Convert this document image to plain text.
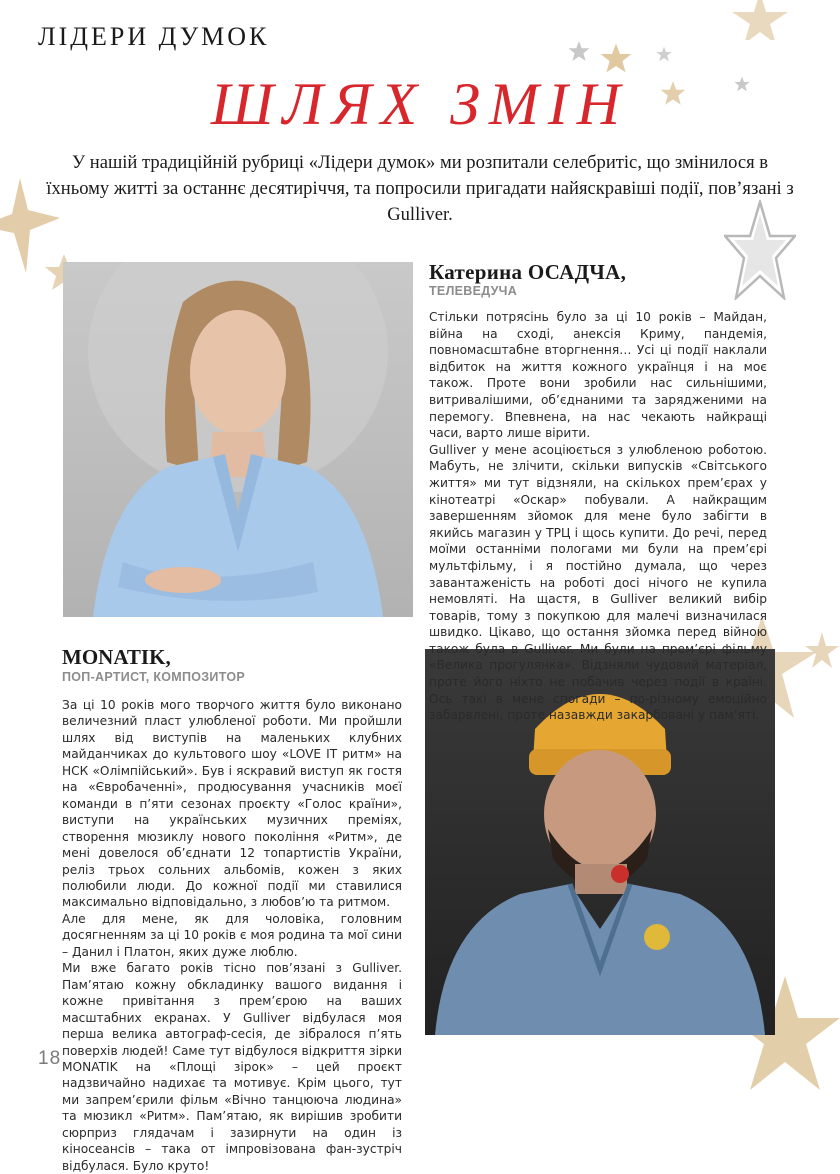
ЛІДЕРИ ДУМОК
ШЛЯХ ЗМІН
У нашій традиційній рубриці «Лідери думок» ми розпитали селебритіс, що змінилося в їхньому житті за останнє десятиріччя, та попросили пригадати найяскравіші події, пов’язані з Gulliver.
Катерина ОСАДЧА,
ТЕЛЕВЕДУЧА
Стільки потрясінь було за ці 10 років – Майдан, війна на сході, анексія Криму, пандемія, повномасштабне вторгнення… Усі ці події наклали відбиток на життя кожного українця і на моє також. Проте вони зробили нас сильнішими, витривалішими, об’єднаними та зарядженими на перемогу. Впевнена, на нас чекають найкращі часи, варто лише вірити.
Gulliver у мене асоціюється з улюбленою роботою. Мабуть, не злічити, скільки випусків «Світського життя» ми тут відзняли, на скількох прем’єрах у кінотеатрі «Оскар» побували. А найкращим завершенням зйомок для мене було забігти в якийсь магазин у ТРЦ і щось купити. До речі, перед моїми останніми пологами ми були на прем’єрі мультфільму, і я постійно думала, що через завантаженість на роботі досі нічого не купила немовляті. На щастя, в Gulliver великий вибір товарів, тому з покупкою для малечі визначилася швидко. Цікаво, що остання зйомка перед війною також була в Gulliver. Ми були на прем’єрі фільму «Велика прогулянка». Відзняли чудовий матеріал, проте його ніхто не побачив через події в країні. Ось такі в мене спогади – по-різному емоційно забарвлені, проте назавжди закарбовані у пам’яті.
MONATIK,
ПОП-АРТИСТ, КОМПОЗИТОР
За ці 10 років мого творчого життя було виконано величезний пласт улюбленої роботи. Ми пройшли шлях від виступів на маленьких клубних майданчиках до культового шоу «LOVE IT ритм» на НСК «Олімпійський». Був і яскравий виступ як гостя на «Євробаченні», продюсування учасників моєї команди в п’яти сезонах проєкту «Голос країни», виступи на українських музичних преміях, створення мюзиклу нового покоління «Ритм», де мені довелося об’єднати 12 топартистів України, реліз трьох сольних альбомів, кожен з яких полюбили люди. До кожної події ми ставилися максимально відповідально, з любов’ю та ритмом.
Але для мене, як для чоловіка, головним досягненням за ці 10 років є моя родина та мої сини – Данил і Платон, яких дуже люблю.
Ми вже багато років тісно пов’язані з Gulliver. Пам’ятаю кожну обкладинку вашого видання і кожне привітання з прем’єрою на ваших масштабних екранах. У Gulliver відбулася моя перша велика автограф-сесія, де зібралося п’ять поверхів людей! Саме тут відбулося відкриття зірки MONATIK на «Площі зірок» – цей проєкт надзвичайно надихає та мотивує. Крім цього, тут ми запрем’єрили фільм «Вічно танцююча людина» та мюзикл «Ритм». Пам’ятаю, як вирішив зробити сюрприз глядачам і зазирнути на один із кіносеансів – така от імпровізована фан-зустріч відбулася. Було круто!
18
